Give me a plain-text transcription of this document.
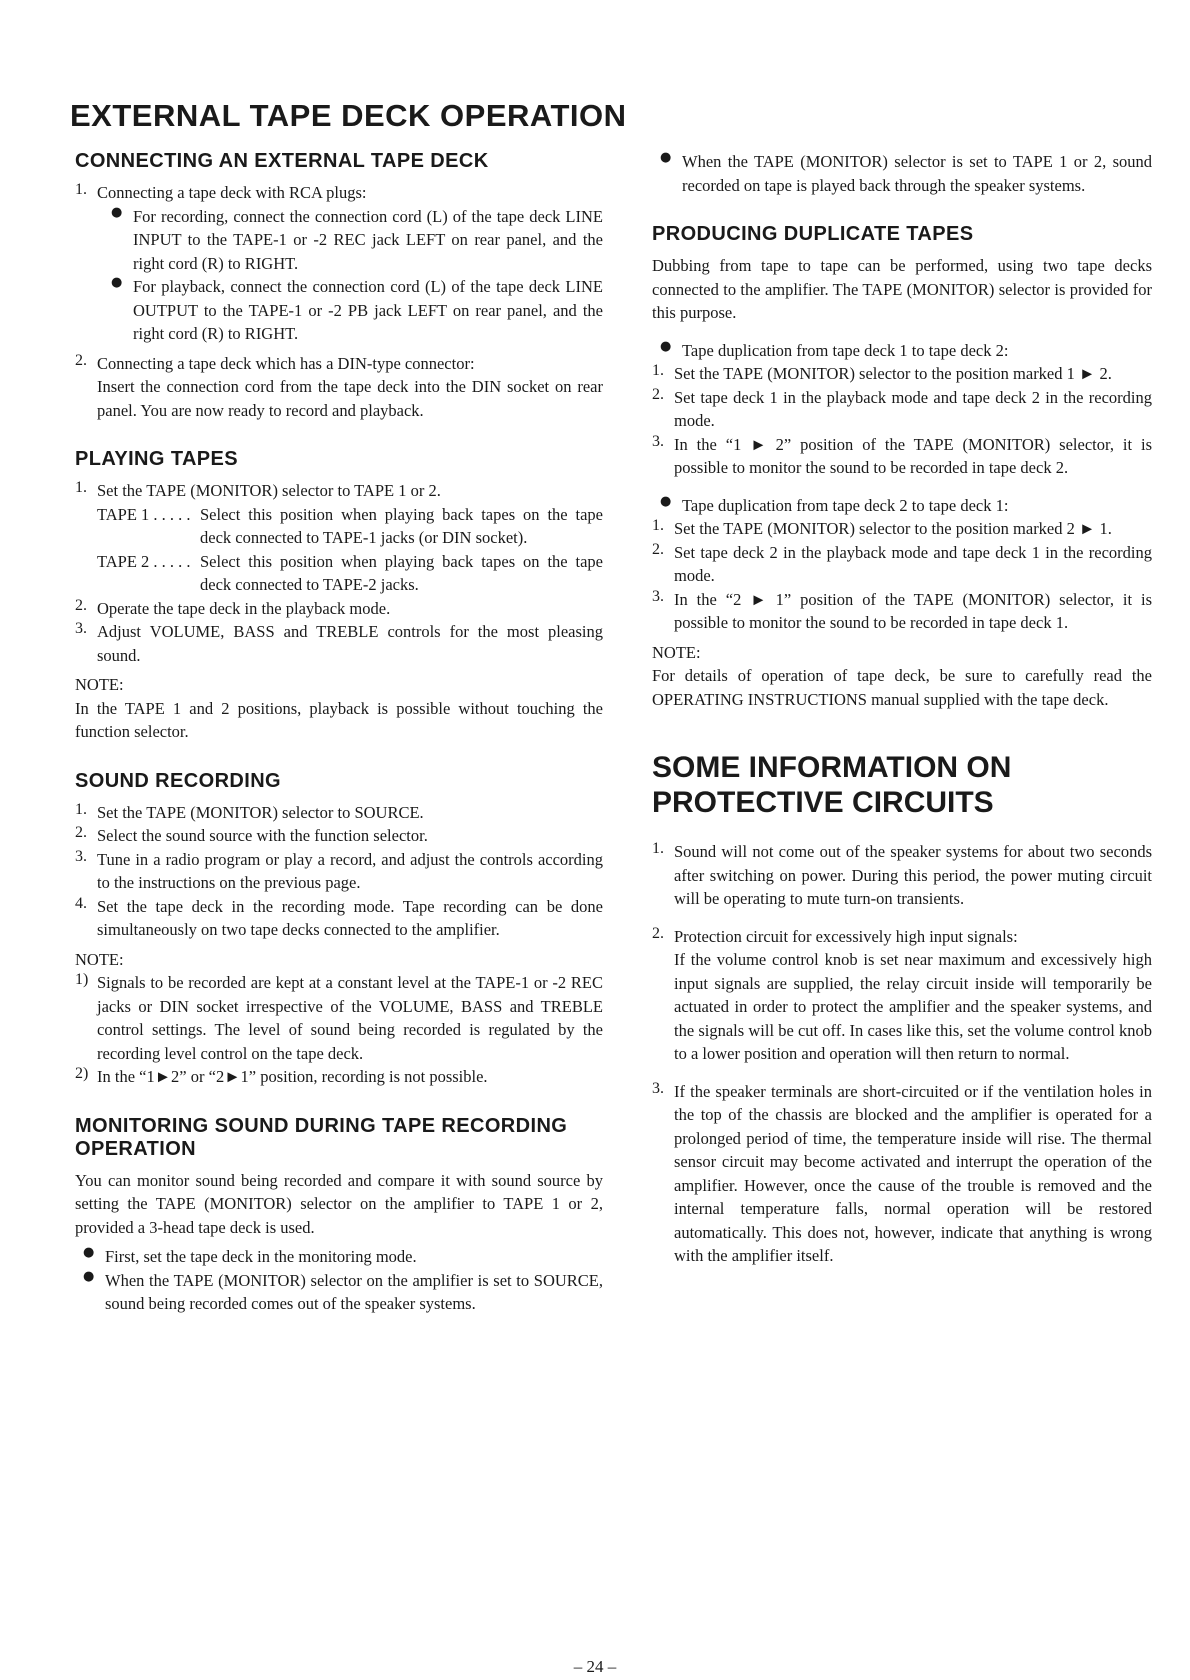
EXTERNAL TAPE DECK OPERATION
CONNECTING AN EXTERNAL TAPE DECK
1. Connecting a tape deck with RCA plugs:

● For recording, connect the connection cord (L) of the tape deck LINE INPUT to the TAPE-1 or -2 REC jack LEFT on rear panel, and the right cord (R) to RIGHT.

● For playback, connect the connection cord (L) of the tape deck LINE OUTPUT to the TAPE-1 or -2 PB jack LEFT on rear panel, and the right cord (R) to RIGHT.

2. Connecting a tape deck which has a DIN-type connector:

Insert the connection cord from the tape deck into the DIN socket on rear panel. You are now ready to record and playback.

PLAYING TAPES
1. Set the TAPE (MONITOR) selector to TAPE 1 or 2.

TAPE 1 . . . . . Select this position when playing back tapes on the tape deck connected to TAPE-1 jacks (or DIN socket).

TAPE 2 . . . . . Select this position when playing back tapes on the tape deck connected to TAPE-2 jacks.

2. Operate the tape deck in the playback mode.

3. Adjust VOLUME, BASS and TREBLE controls for the most pleasing sound.

NOTE:

In the TAPE 1 and 2 positions, playback is possible without touching the function selector.

SOUND RECORDING
1. Set the TAPE (MONITOR) selector to SOURCE.

2. Select the sound source with the function selector.

3. Tune in a radio program or play a record, and adjust the controls according to the instructions on the previous page.

4. Set the tape deck in the recording mode. Tape recording can be done simultaneously on two tape decks connected to the amplifier.

NOTE:

1) Signals to be recorded are kept at a constant level at the TAPE-1 or -2 REC jacks or DIN socket irrespective of the VOLUME, BASS and TREBLE control settings. The level of sound being recorded is regulated by the recording level control on the tape deck.

2) In the “1►2” or “2►1” position, recording is not possible.

MONITORING SOUND DURING TAPE RECORDING OPERATION

You can monitor sound being recorded and compare it with sound source by setting the TAPE (MONITOR) selector on the amplifier to TAPE 1 or 2, provided a 3-head tape deck is used.

● First, set the tape deck in the monitoring mode.

● When the TAPE (MONITOR) selector on the amplifier is set to SOURCE, sound being recorded comes out of the speaker systems.

● When the TAPE (MONITOR) selector is set to TAPE 1 or 2, sound recorded on tape is played back through the speaker systems.

PRODUCING DUPLICATE TAPES

Dubbing from tape to tape can be performed, using two tape decks connected to the amplifier. The TAPE (MONITOR) selector is provided for this purpose.

● Tape duplication from tape deck 1 to tape deck 2:

1. Set the TAPE (MONITOR) selector to the position marked 1 ► 2.

2. Set tape deck 1 in the playback mode and tape deck 2 in the recording mode.

3. In the “1 ► 2” position of the TAPE (MONITOR) selector, it is possible to monitor the sound to be recorded in tape deck 2.

● Tape duplication from tape deck 2 to tape deck 1:

1. Set the TAPE (MONITOR) selector to the position marked 2 ► 1.

2. Set tape deck 2 in the playback mode and tape deck 1 in the recording mode.

3. In the “2 ► 1” position of the TAPE (MONITOR) selector, it is possible to monitor the sound to be recorded in tape deck 1.

NOTE:

For details of operation of tape deck, be sure to carefully read the OPERATING INSTRUCTIONS manual supplied with the tape deck.

SOME INFORMATION ON PROTECTIVE CIRCUITS
1. Sound will not come out of the speaker systems for about two seconds after switching on power. During this period, the power muting circuit will be operating to mute turn-on transients.

2. Protection circuit for excessively high input signals:

If the volume control knob is set near maximum and excessively high input signals are supplied, the relay circuit inside will temporarily be actuated in order to protect the amplifier and the speaker systems, and the signals will be cut off. In cases like this, set the volume control knob to a lower position and operation will then return to normal.

3. If the speaker terminals are short-circuited or if the ventilation holes in the top of the chassis are blocked and the amplifier is operated for a prolonged period of time, the temperature inside will rise. The thermal sensor circuit may become activated and interrupt the operation of the amplifier. However, once the cause of the trouble is removed and the internal temperature falls, normal operation will be restored automatically. This does not, however, indicate that anything is wrong with the amplifier itself.

– 24 –
